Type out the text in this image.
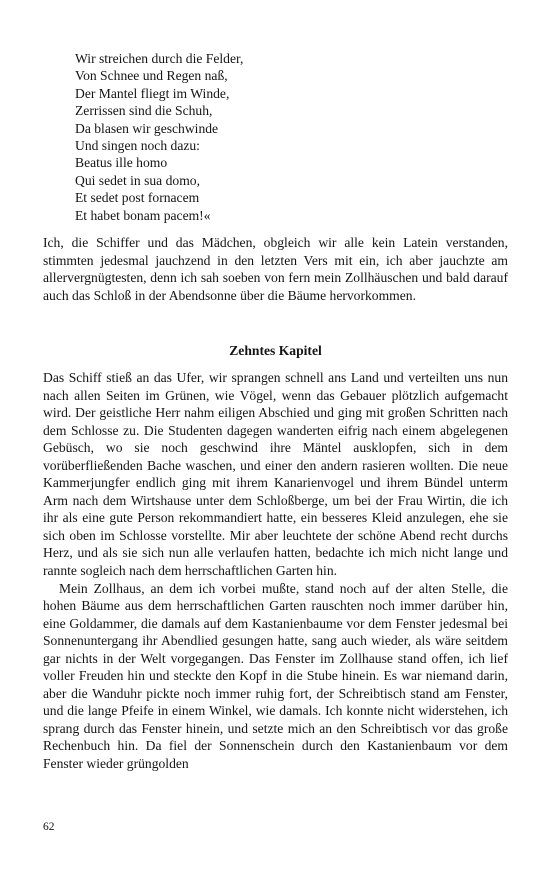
Wir streichen durch die Felder,
Von Schnee und Regen naß,
Der Mantel fliegt im Winde,
Zerrissen sind die Schuh,
Da blasen wir geschwinde
Und singen noch dazu:
Beatus ille homo
Qui sedet in sua domo,
Et sedet post fornacem
Et habet bonam pacem!«

Ich, die Schiffer und das Mädchen, obgleich wir alle kein Latein verstanden, stimmten jedesmal jauchzend in den letzten Vers mit ein, ich aber jauchzte am allervergnügtesten, denn ich sah soeben von fern mein Zollhäuschen und bald darauf auch das Schloß in der Abendsonne über die Bäume hervorkommen.

Zehntes Kapitel

Das Schiff stieß an das Ufer, wir sprangen schnell ans Land und verteilten uns nun nach allen Seiten im Grünen, wie Vögel, wenn das Gebauer plötzlich aufgemacht wird. Der geistliche Herr nahm eiligen Abschied und ging mit großen Schritten nach dem Schlosse zu. Die Studenten dagegen wanderten eifrig nach einem abgelegenen Gebüsch, wo sie noch geschwind ihre Mäntel ausklopfen, sich in dem vorüberfließenden Bache waschen, und einer den andern rasieren wollten. Die neue Kammerjungfer endlich ging mit ihrem Kanarienvogel und ihrem Bündel unterm Arm nach dem Wirtshause unter dem Schloßberge, um bei der Frau Wirtin, die ich ihr als eine gute Person rekommandiert hatte, ein besseres Kleid anzulegen, ehe sie sich oben im Schlosse vorstellte. Mir aber leuchtete der schöne Abend recht durchs Herz, und als sie sich nun alle verlaufen hatten, bedachte ich mich nicht lange und rannte sogleich nach dem herrschaftlichen Garten hin.

Mein Zollhaus, an dem ich vorbei mußte, stand noch auf der alten Stelle, die hohen Bäume aus dem herrschaftlichen Garten rauschten noch immer darüber hin, eine Goldammer, die damals auf dem Kastanienbaume vor dem Fenster jedesmal bei Sonnenuntergang ihr Abendlied gesungen hatte, sang auch wieder, als wäre seitdem gar nichts in der Welt vorgegangen. Das Fenster im Zollhause stand offen, ich lief voller Freuden hin und steckte den Kopf in die Stube hinein. Es war niemand darin, aber die Wanduhr pickte noch immer ruhig fort, der Schreibtisch stand am Fenster, und die lange Pfeife in einem Winkel, wie damals. Ich konnte nicht widerstehen, ich sprang durch das Fenster hinein, und setzte mich an den Schreibtisch vor das große Rechenbuch hin. Da fiel der Sonnenschein durch den Kastanienbaum vor dem Fenster wieder grüngolden

62
